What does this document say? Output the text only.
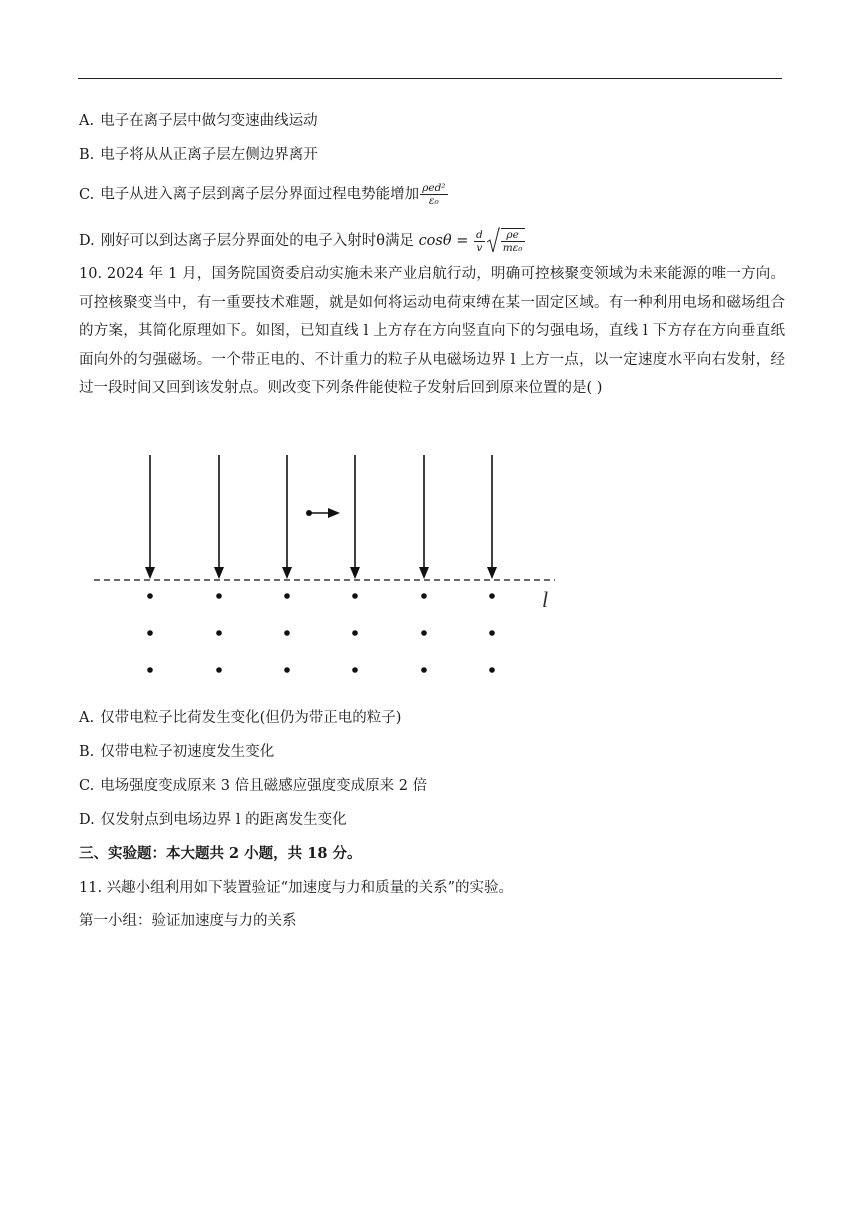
A. 电子在离子层中做匀变速曲线运动
B. 电子将从从正离子层左侧边界离开
C. 电子从进入离子层到离子层分界面过程电势能增加 $\frac{\text{ρed²}}{\text{ε₀}}$
D. 刚好可以到达离子层分界面处的电子入射时θ满足 $\cos\theta = \frac{d}{v} \frac{\rho e}{\text{mε₀}}$
10. 2024 年 1 月，国务院国资委启动实施未来产业启航行动，明确可控核聚变领域为未来能源的唯一方向。可控核聚变当中，有一重要技术难题，就是如何将运动电荷束缚在某一固定区域。有一种利用电场和磁场组合的方案，其简化原理如下。如图，已知直线 l 上方存在方向竖直向下的匀强电场，直线 l 下方存在方向垂直纸面向外的匀强磁场。一个带正电的、不计重力的粒子从电磁场边界 l 上方一点，以一定速度水平向右发射，经过一段时间又回到该发射点。则改变下列条件能使粒子发射后回到原来位置的是( )
l
A. 仅带电粒子比荷发生变化(但仍为带正电的粒子)
B. 仅带电粒子初速度发生变化
C. 电场强度变成原来 3 倍且磁感应强度变成原来 2 倍
D. 仅发射点到电场边界 l 的距离发生变化
三、实验题：本大题共 2 小题，共 18 分。
11. 兴趣小组利用如下装置验证“加速度与力和质量的关系”的实验。
第一小组：验证加速度与力的关系
